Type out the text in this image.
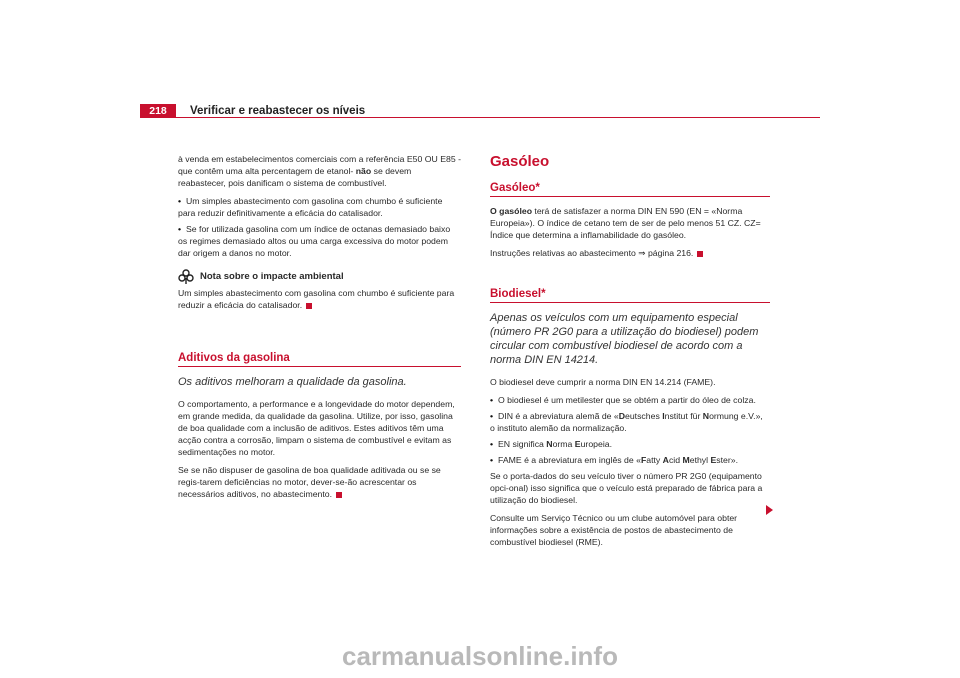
218	Verificar e reabastecer os níveis

à venda em estabelecimentos comerciais com a referência E50 OU E85 - que contêm uma alta percentagem de etanol- não se devem reabastecer, pois danificam o sistema de combustível.

• Um simples abastecimento com gasolina com chumbo é suficiente para reduzir definitivamente a eficácia do catalisador.

• Se for utilizada gasolina com um índice de octanas demasiado baixo os regimes demasiado altos ou uma carga excessiva do motor podem dar origem a danos no motor.

Nota sobre o impacte ambiental

Um simples abastecimento com gasolina com chumbo é suficiente para reduzir a eficácia do catalisador.

Aditivos da gasolina
Os aditivos melhoram a qualidade da gasolina.

O comportamento, a performance e a longevidade do motor dependem, em grande medida, da qualidade da gasolina. Utilize, por isso, gasolina de boa qualidade com a inclusão de aditivos. Estes aditivos têm uma acção contra a corrosão, limpam o sistema de combustível e evitam as sedimentações no motor.

Se se não dispuser de gasolina de boa qualidade aditivada ou se se regis-tarem deficiências no motor, dever-se-ão acrescentar os necessários aditivos, no abastecimento.

Gasóleo
Gasóleo*

O gasóleo terá de satisfazer a norma DIN EN 590 (EN = «Norma Europeia»). O índice de cetano tem de ser de pelo menos 51 CZ. CZ= Índice que determina a inflamabilidade do gasóleo.

Instruções relativas ao abastecimento ⇒ página 216.

Biodiesel*
Apenas os veículos com um equipamento especial (número PR 2G0 para a utilização do biodiesel) podem circular com combustível biodiesel de acordo com a norma DIN EN 14214.

O biodiesel deve cumprir a norma DIN EN 14.214 (FAME).

• O biodiesel é um metilester que se obtém a partir do óleo de colza.

• DIN é a abreviatura alemã de «Deutsches Institut für Normung e.V.», o instituto alemão da normalização.

• EN significa Norma Europeia.

• FAME é a abreviatura em inglês de «Fatty Acid Methyl Ester».

Se o porta-dados do seu veículo tiver o número PR 2G0 (equipamento opci-onal) isso significa que o veículo está preparado de fábrica para a utilização do biodiesel.

Consulte um Serviço Técnico ou um clube automóvel para obter informações sobre a existência de postos de abastecimento de combustível biodiesel (RME).

carmanualsonline.info
